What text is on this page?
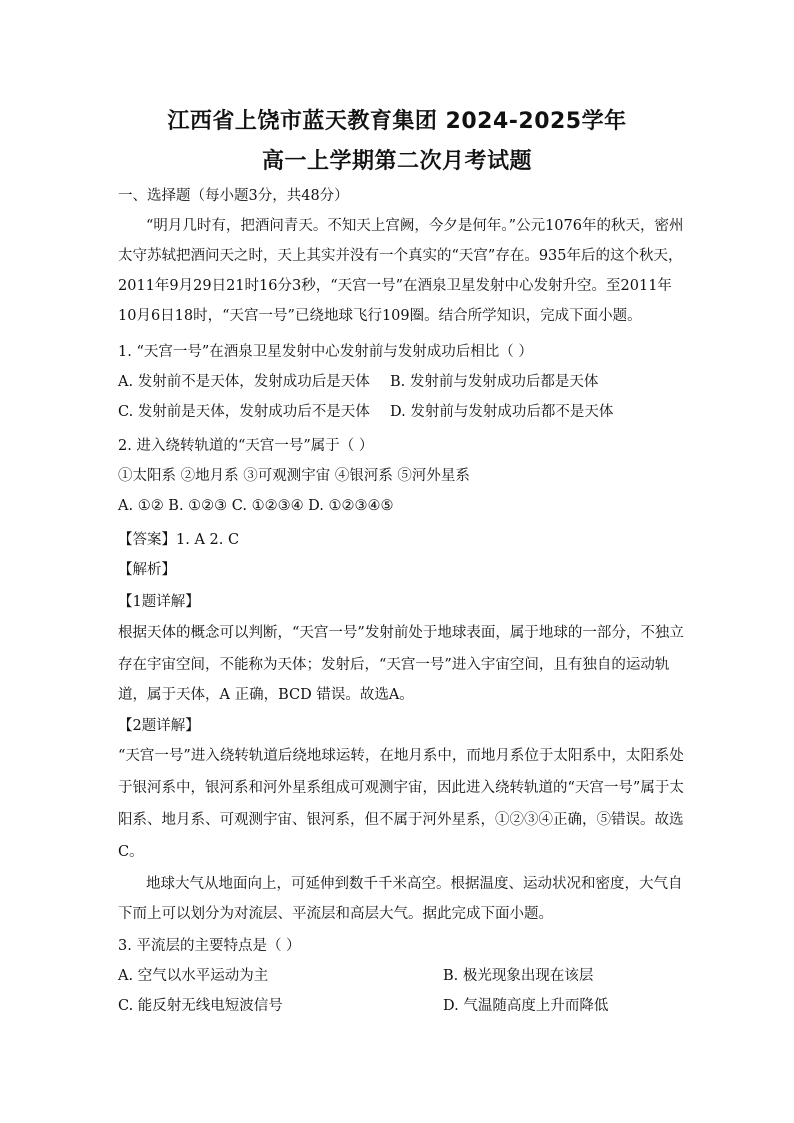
江西省上饶市蓝天教育集团 2024-2025学年
高一上学期第二次月考试题
一、选择题（每小题3分，共48分）
“明月几时有，把酒问青天。不知天上宫阙，今夕是何年。”公元1076年的秋天，密州
太守苏轼把酒问天之时，天上其实并没有一个真实的“天宫”存在。935年后的这个秋天，
2011年9月29日21时16分3秒，“天宫一号”在酒泉卫星发射中心发射升空。至2011年
10月6日18时，“天宫一号”已绕地球飞行109圈。结合所学知识，完成下面小题。
1. “天宫一号”在酒泉卫星发射中心发射前与发射成功后相比（ ）
A. 发射前不是天体，发射成功后是天体	B. 发射前与发射成功后都是天体
C. 发射前是天体，发射成功后不是天体	D. 发射前与发射成功后都不是天体
2. 进入绕转轨道的“天宫一号”属于（ ）
①太阳系 ②地月系 ③可观测宇宙 ④银河系 ⑤河外星系
A. ①② B. ①②③ C. ①②③④ D. ①②③④⑤
【答案】1. A 2. C
【解析】
【1题详解】
根据天体的概念可以判断，“天宫一号”发射前处于地球表面，属于地球的一部分，不独立
存在宇宙空间，不能称为天体；发射后，“天宫一号”进入宇宙空间，且有独自的运动轨
道，属于天体，A 正确，BCD 错误。故选A。
【2题详解】
“天宫一号”进入绕转轨道后绕地球运转，在地月系中，而地月系位于太阳系中，太阳系处
于银河系中，银河系和河外星系组成可观测宇宙，因此进入绕转轨道的“天宫一号”属于太
阳系、地月系、可观测宇宙、银河系，但不属于河外星系，①②③④正确，⑤错误。故选
C。
地球大气从地面向上，可延伸到数千千米高空。根据温度、运动状况和密度，大气自
下而上可以划分为对流层、平流层和高层大气。据此完成下面小题。
3. 平流层的主要特点是（ ）
A. 空气以水平运动为主	B. 极光现象出现在该层
C. 能反射无线电短波信号	D. 气温随高度上升而降低
